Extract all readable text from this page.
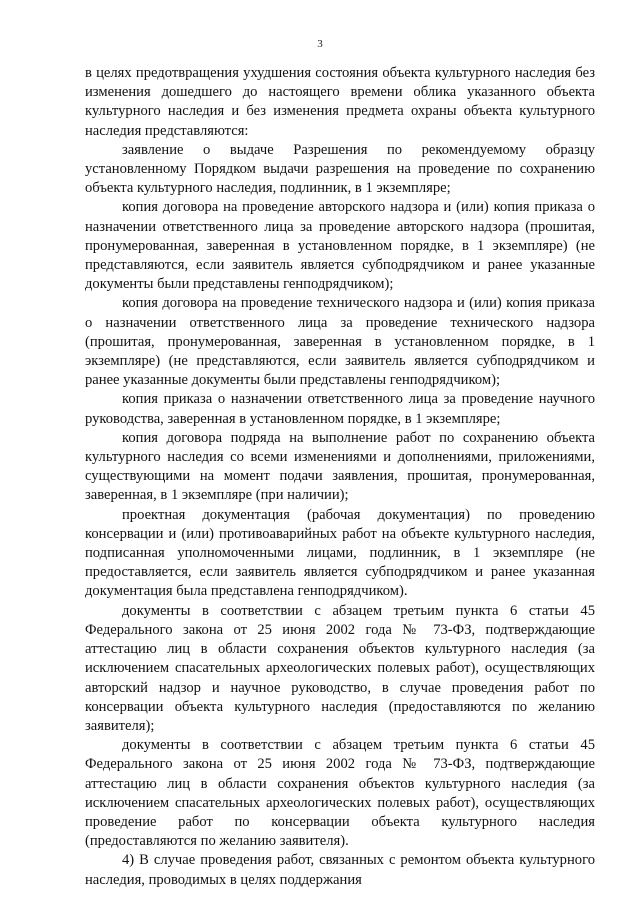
3

в целях предотвращения ухудшения состояния объекта культурного наследия без изменения дошедшего до настоящего времени облика указанного объекта культурного наследия и без изменения предмета охраны объекта культурного наследия представляются:

заявление о выдаче Разрешения по рекомендуемому образцу установленному Порядком выдачи разрешения на проведение по сохранению объекта культурного наследия, подлинник, в 1 экземпляре;

копия договора на проведение авторского надзора и (или) копия приказа о назначении ответственного лица за проведение авторского надзора (прошитая, пронумерованная, заверенная в установленном порядке, в 1 экземпляре) (не представляются, если заявитель является субподрядчиком и ранее указанные документы были представлены генподрядчиком);

копия договора на проведение технического надзора и (или) копия приказа о назначении ответственного лица за проведение технического надзора (прошитая, пронумерованная, заверенная в установленном порядке, в 1 экземпляре) (не представляются, если заявитель является субподрядчиком и ранее указанные документы были представлены генподрядчиком);

копия приказа о назначении ответственного лица за проведение научного руководства, заверенная в установленном порядке, в 1 экземпляре;

копия договора подряда на выполнение работ по сохранению объекта культурного наследия со всеми изменениями и дополнениями, приложениями, существующими на момент подачи заявления, прошитая, пронумерованная, заверенная, в 1 экземпляре (при наличии);

проектная документация (рабочая документация) по проведению консервации и (или) противоаварийных работ на объекте культурного наследия, подписанная уполномоченными лицами, подлинник, в 1 экземпляре (не предоставляется, если заявитель является субподрядчиком и ранее указанная документация была представлена генподрядчиком).

документы в соответствии с абзацем третьим пункта 6 статьи 45 Федерального закона от 25 июня 2002 года № 73-ФЗ, подтверждающие аттестацию лиц в области сохранения объектов культурного наследия (за исключением спасательных археологических полевых работ), осуществляющих авторский надзор и научное руководство, в случае проведения работ по консервации объекта культурного наследия (предоставляются по желанию заявителя);

документы в соответствии с абзацем третьим пункта 6 статьи 45 Федерального закона от 25 июня 2002 года № 73-ФЗ, подтверждающие аттестацию лиц в области сохранения объектов культурного наследия (за исключением спасательных археологических полевых работ), осуществляющих проведение работ по консервации объекта культурного наследия (предоставляются по желанию заявителя).

4) В случае проведения работ, связанных с ремонтом объекта культурного наследия, проводимых в целях поддержания
